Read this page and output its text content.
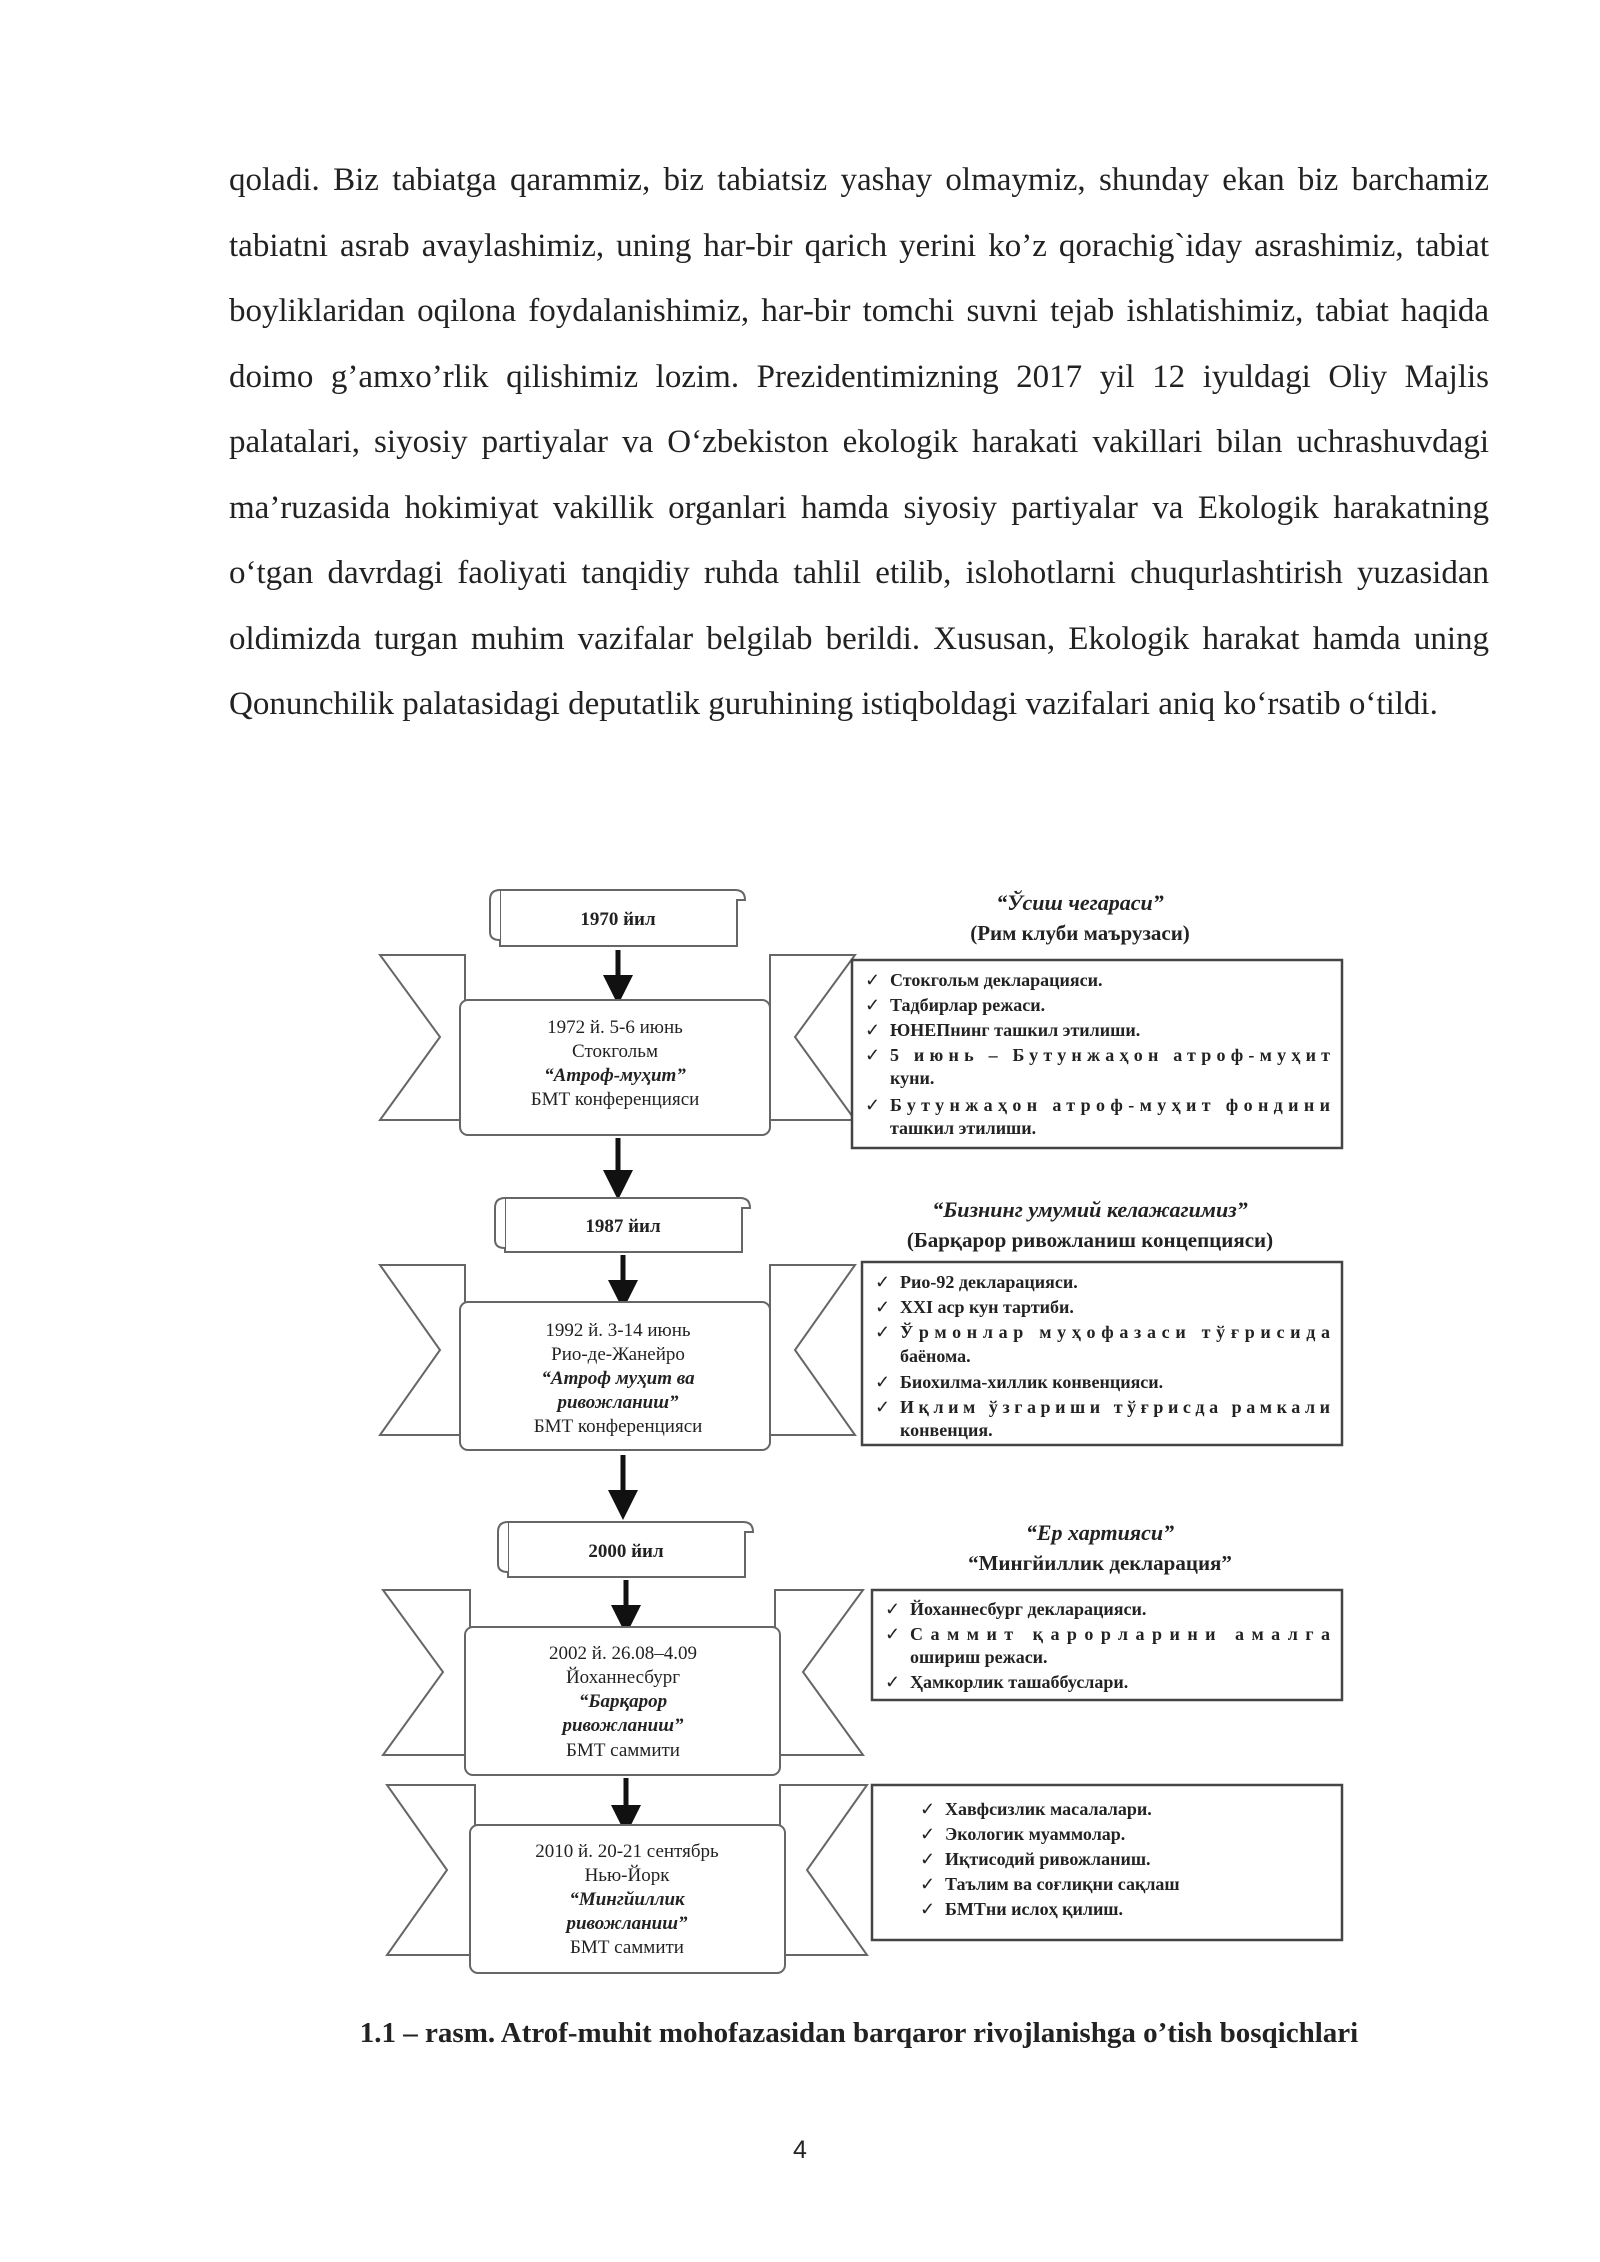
qoladi. Biz tabiatga qarammiz, biz tabiatsiz yashay olmaymiz, shunday ekan biz barchamiz tabiatni asrab avaylashimiz, uning har-bir qarich yerini ko’z qorachig`iday asrashimiz, tabiat boyliklaridan oqilona foydalanishimiz, har-bir tomchi suvni tejab ishlatishimiz, tabiat haqida doimo g’amxo’rlik qilishimiz lozim. Prezidentimizning 2017 yil 12 iyuldagi Oliy Majlis palatalari, siyosiy partiyalar va O‘zbekiston ekologik harakati vakillari bilan uchrashuvdagi ma’ruzasida hokimiyat vakillik organlari hamda siyosiy partiyalar va Ekologik harakatning o‘tgan davrdagi faoliyati tanqidiy ruhda tahlil etilib, islohotlarni chuqurlashtirish yuzasidan oldimizda turgan muhim vazifalar belgilab berildi. Xususan, Ekologik harakat hamda uning Qonunchilik palatasidagi deputatlik guruhining istiqboldagi vazifalari aniq ko‘rsatib o‘tildi.

1970 йил
1972 й. 5-6 июнь
Стокгольм
“Атроф-муҳит”
БМТ конференцияси
1987 йил
1992 й. 3-14 июнь
Рио-де-Жанейро
“Атроф муҳит ва
ривожланиш”
БМТ конференцияси
2000 йил
2002 й. 26.08–4.09
Йоханнесбург
“Барқарор
ривожланиш”
БМТ саммити
2010 й. 20-21 сентябрь
Нью-Йорк
“Мингйиллик
ривожланиш”
БМТ саммити
“Ўсиш чегараси”
(Рим клуби маърузаси)
✓ Стокгольм декларацияси.
✓ Тадбирлар режаси.
✓ ЮНЕПнинг ташкил этилиши.
✓ 5 июнь – Бутунжаҳон атроф-муҳит
куни.
✓ Бутунжаҳон атроф-муҳит фондини
ташкил этилиши.
“Бизнинг умумий келажагимиз”
(Барқарор ривожланиш концепцияси)
✓ Рио-92 декларацияси.
✓ XXI аср кун тартиби.
✓ Ўрмонлар муҳофазаси тўғрисида
баёнома.
✓ Биохилма-хиллик конвенцияси.
✓ Иқлим ўзгариши тўғрисда рамкали
конвенция.
“Ер хартияси”
“Мингйиллик декларация”
✓ Йоханнесбург декларацияси.
✓ Саммит қарорларини амалга
ошириш режаси.
✓ Ҳамкорлик ташаббуслари.
✓ Хавфсизлик масалалари.
✓ Экологик муаммолар.
✓ Иқтисодий ривожланиш.
✓ Таълим ва соғлиқни сақлаш
✓ БМТни ислоҳ қилиш.

1.1 – rasm. Atrof-muhit mohofazasidan barqaror rivojlanishga o’tish bosqichlari

4
